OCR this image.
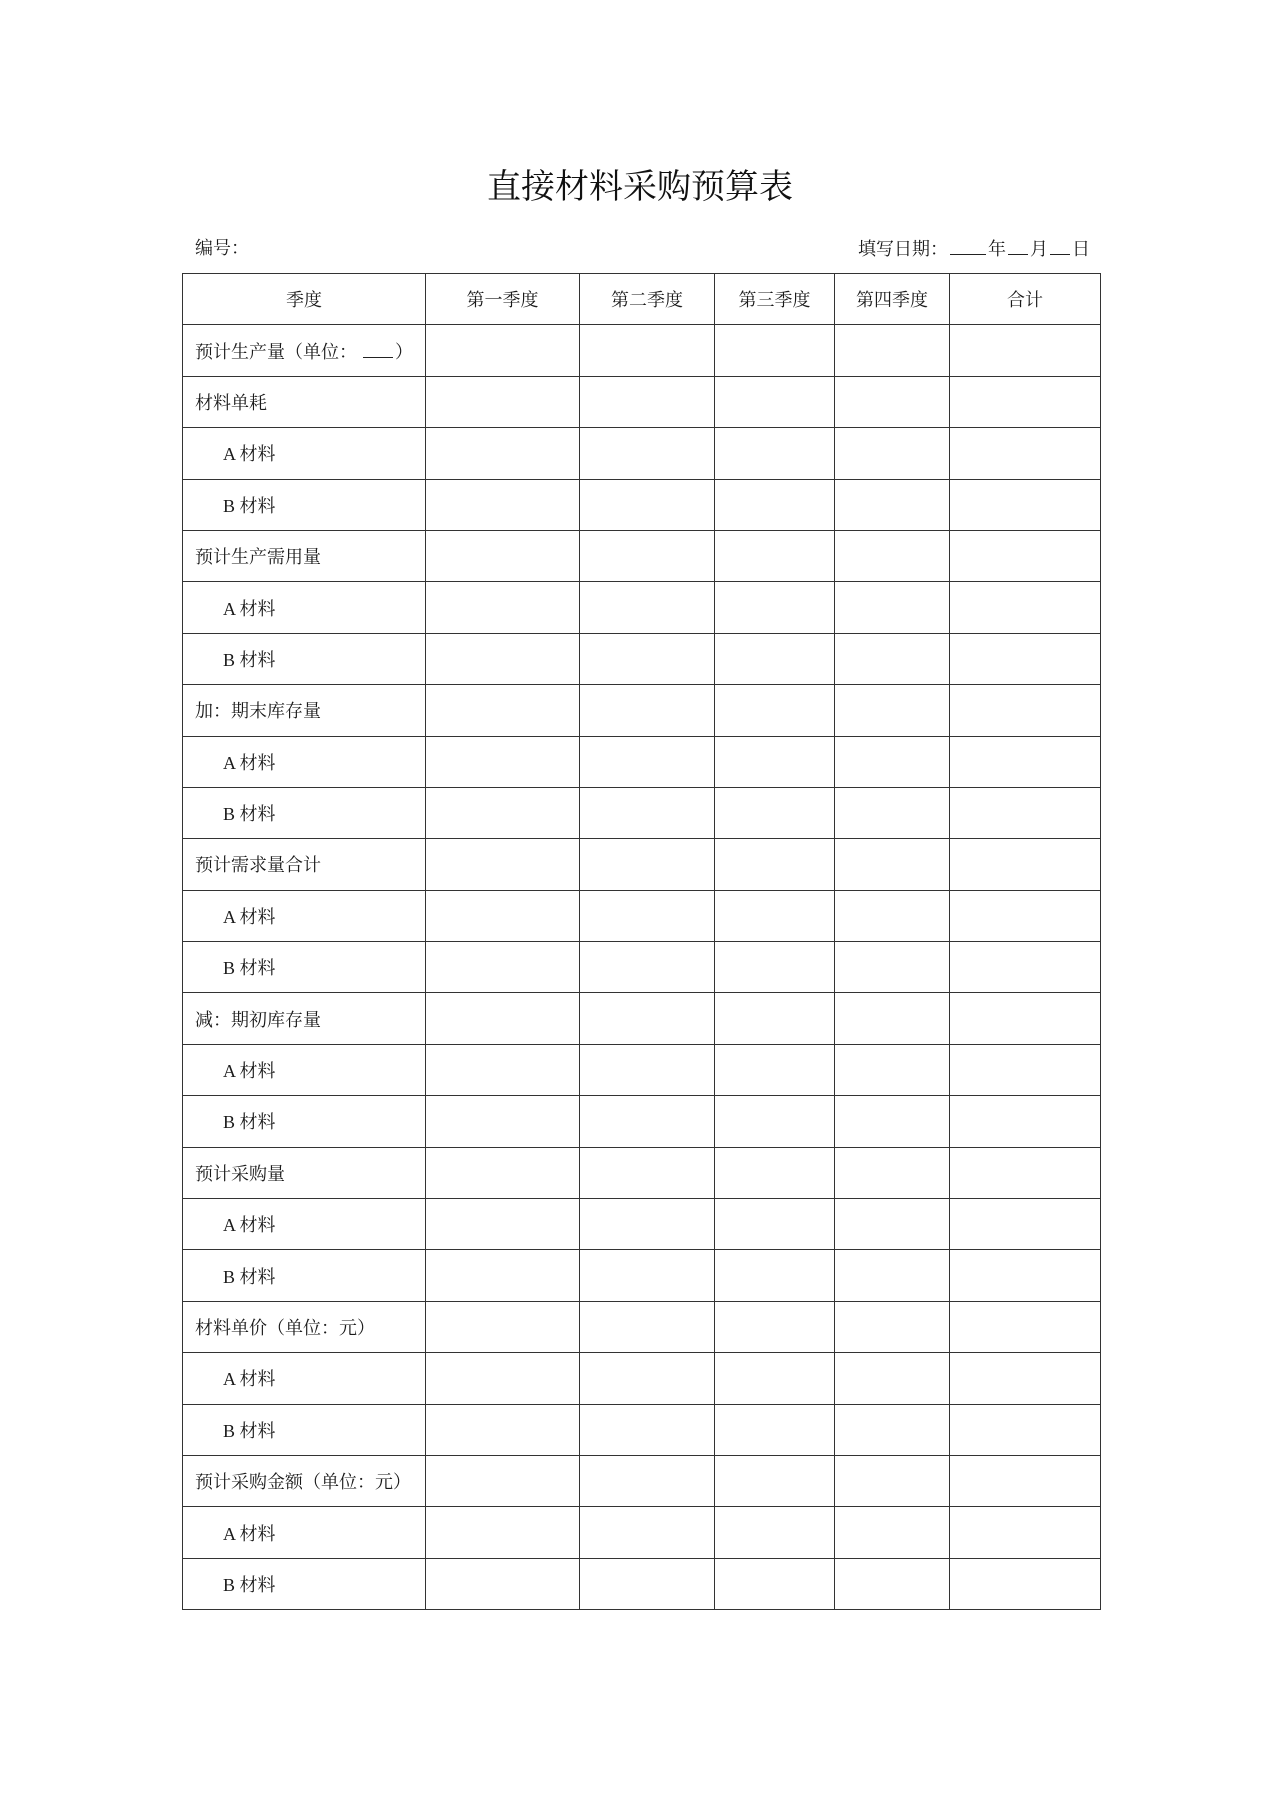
直接材料采购预算表
编号：	填写日期： 年 月 日
季度	第一季度	第二季度	第三季度	第四季度	合计
预计生产量（单位： ）					
材料单耗					
A 材料					
B 材料					
预计生产需用量					
A 材料					
B 材料					
加：期末库存量					
A 材料					
B 材料					
预计需求量合计					
A 材料					
B 材料					
减：期初库存量					
A 材料					
B 材料					
预计采购量					
A 材料					
B 材料					
材料单价（单位：元）					
A 材料					
B 材料					
预计采购金额（单位：元）					
A 材料					
B 材料					
